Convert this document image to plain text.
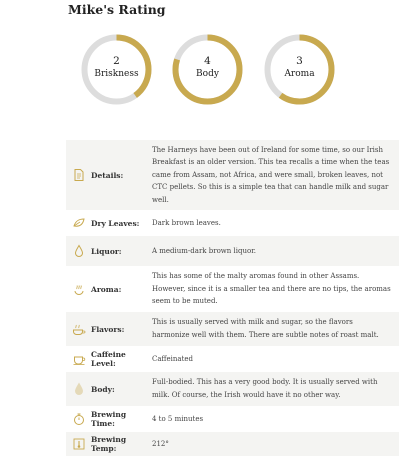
Mike's Rating
2
Briskness
4
Body
3
Aroma
Details:
The Harneys have been out of Ireland for some time, so our Irish Breakfast is an older version. This tea recalls a time when the teas came from Assam, not Africa, and were small, broken leaves, not CTC pellets. So this is a simple tea that can handle milk and sugar well.
Dry Leaves:	Dark brown leaves.
Liquor:	A medium-dark brown liquor.
Aroma:
This has some of the malty aromas found in other Assams. However, since it is a smaller tea and there are no tips, the aromas seem to be muted.
Flavors:
This is usually served with milk and sugar, so the flavors harmonize well with them. There are subtle notes of roast malt.
Caffeine Level:
Caffeinated
Body:
Full-bodied. This has a very good body. It is usually served with milk. Of course, the Irish would have it no other way.
Brewing Time:
4 to 5 minutes
Brewing Temp:
212°
